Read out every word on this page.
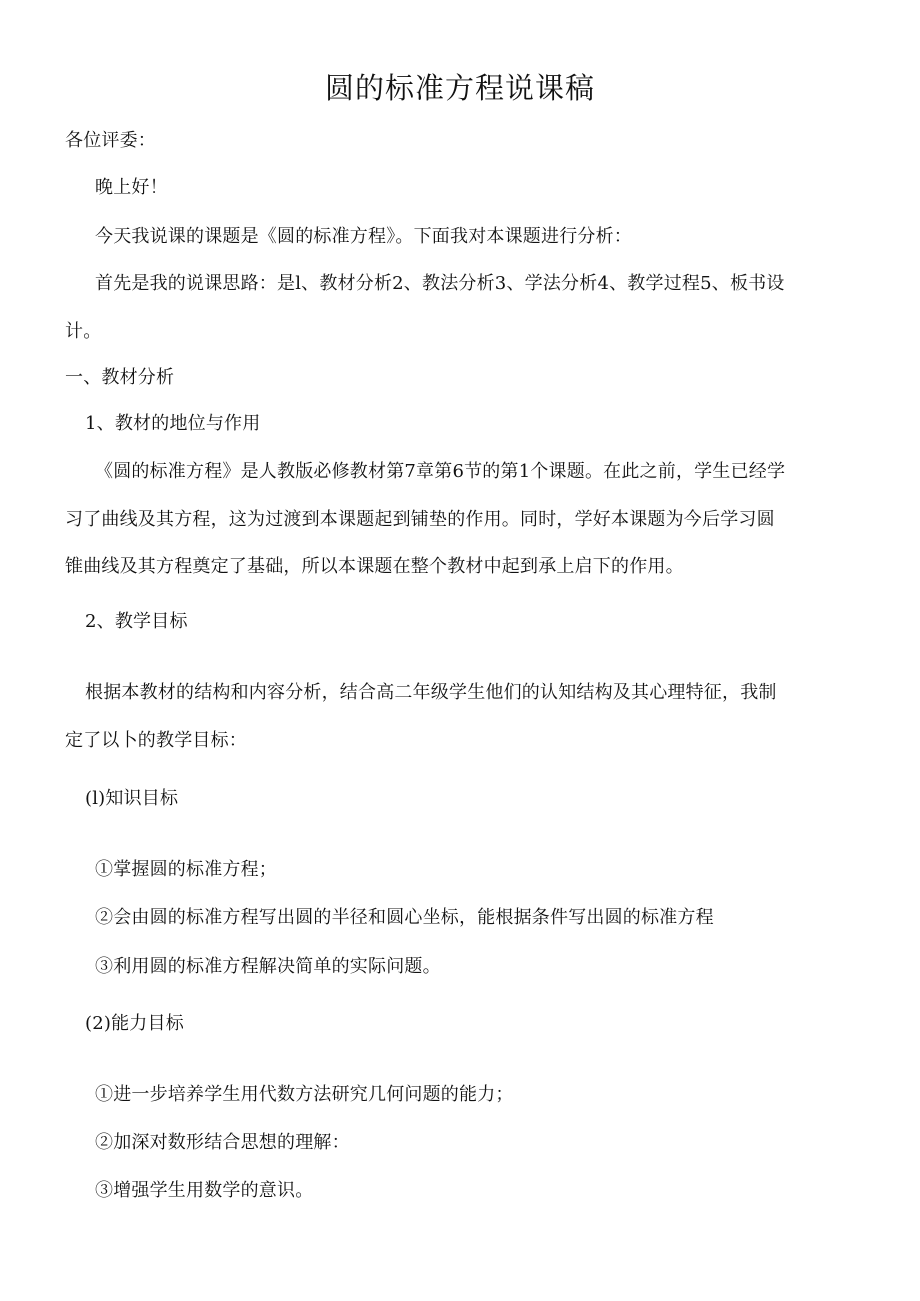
圆的标准方程说课稿
各位评委：
晚上好！
今天我说课的课题是《圆的标准方程》。下面我对本课题进行分析：
首先是我的说课思路：是l、教材分析2、教法分析3、学法分析4、教学过程5、板书设
计。
一、教材分析
1、教材的地位与作用
《圆的标准方程》是人教版必修教材第7章第6节的第1个课题。在此之前，学生已经学
习了曲线及其方程，这为过渡到本课题起到铺垫的作用。同时，学好本课题为今后学习圆
锥曲线及其方程奠定了基础，所以本课题在整个教材中起到承上启下的作用。
2、教学目标
根据本教材的结构和内容分析，结合高二年级学生他们的认知结构及其心理特征，我制
定了以卜的教学目标：
(l)知识目标
①掌握圆的标准方程；
②会由圆的标准方程写出圆的半径和圆心坐标，能根据条件写出圆的标准方程
③利用圆的标准方程解决简单的实际问题。
(2)能力目标
①进一步培养学生用代数方法研究几何问题的能力；
②加深对数形结合思想的理解：
③增强学生用数学的意识。
